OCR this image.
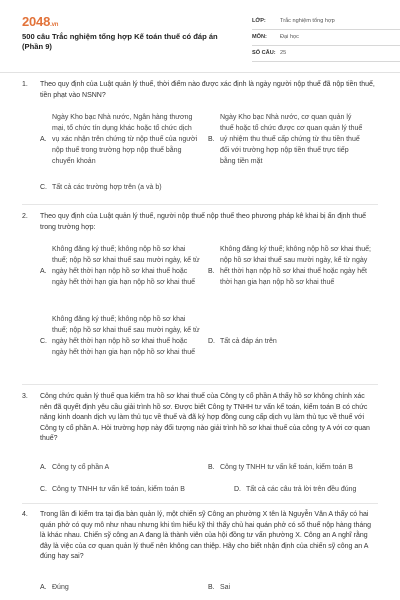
2048.vn
500 câu Trắc nghiệm tổng hợp Kế toán thuế có đáp án (Phần 9)
LỚP:	Trắc nghiệm tổng hợp
MÔN: Đại học
SỐ CÂU: 25
1. Theo quy định của Luật quản lý thuế, thời điểm nào được xác định là ngày người nộp thuế đã nộp tiền thuế, tiền phạt vào NSNN?
A.
Ngày Kho bạc Nhà nước, Ngân hàng thương mại, tổ chức tín dụng khác hoặc tổ chức dịch vụ xác nhận trên chứng từ nộp thuế của người nộp thuế trong trường hợp nộp thuế bằng chuyển khoản
B.
Ngày Kho bạc Nhà nước, cơ quan quản lý thuế hoặc tổ chức được cơ quan quản lý thuế uỷ nhiệm thu thuế cấp chứng từ thu tiền thuế đối với trường hợp nộp tiền thuế trực tiếp bằng tiền mặt
C. Tất cả các trường hợp trên (a và b)
2. Theo quy định của Luật quản lý thuế, người nộp thuế nộp thuế theo phương pháp kê khai bị ấn định thuế trong trường hợp:
A.
Không đăng ký thuế; không nộp hồ sơ khai thuế; nộp hồ sơ khai thuế sau mười ngày, kể từ ngày hết thời hạn nộp hồ sơ khai thuế hoặc ngày hết thời hạn gia hạn nộp hồ sơ khai thuế
B.
Không đăng ký thuế; không nộp hồ sơ khai thuế; nộp hồ sơ khai thuế sau mười ngày, kể từ ngày hết thời hạn nộp hồ sơ khai thuế hoặc ngày hết thời hạn gia hạn nộp hồ sơ khai thuế
C.
Không đăng ký thuế; không nộp hồ sơ khai thuế; nộp hồ sơ khai thuế sau mười ngày, kể từ ngày hết thời hạn nộp hồ sơ khai thuế hoặc ngày hết thời hạn gia hạn nộp hồ sơ khai thuế
D. Tất cả đáp án trên
3. Công chức quản lý thuế qua kiểm tra hồ sơ khai thuế của Công ty cổ phần A thấy hồ sơ không chính xác nên đã quyết định yêu cầu giải trình hồ sơ. Được biết Công ty TNHH tư vấn kế toán, kiểm toán B có chức năng kinh doanh dịch vụ làm thủ tục về thuế và đã ký hợp đồng cung cấp dịch vụ làm thủ tục về thuế với Công ty cổ phần A. Hỏi trường hợp này đối tượng nào giải trình hồ sơ khai thuế của công ty A với cơ quan thuế?
A. Công ty cổ phần A	B. Công ty TNHH tư vấn kế toán, kiểm toán B
C. Công ty TNHH tư vấn kế toán, kiểm toán B	D. Tất cả các câu trả lời trên đều đúng
4. Trong lần đi kiểm tra tại địa bàn quản lý, một chiến sỹ Công an phường X tên là Nguyễn Văn A thấy có hai quán phở có quy mô như nhau nhưng khi tìm hiểu kỹ thì thấy chủ hai quán phở có số thuế nộp hàng tháng là khác nhau. Chiến sỹ công an A đang là thành viên của hội đồng tư vấn phường X. Công an A nghĩ rằng đây là việc của cơ quan quản lý thuế nên không can thiệp. Hãy cho biết nhận định của chiến sỹ công an A đúng hay sai?
A. Đúng	B. Sai
